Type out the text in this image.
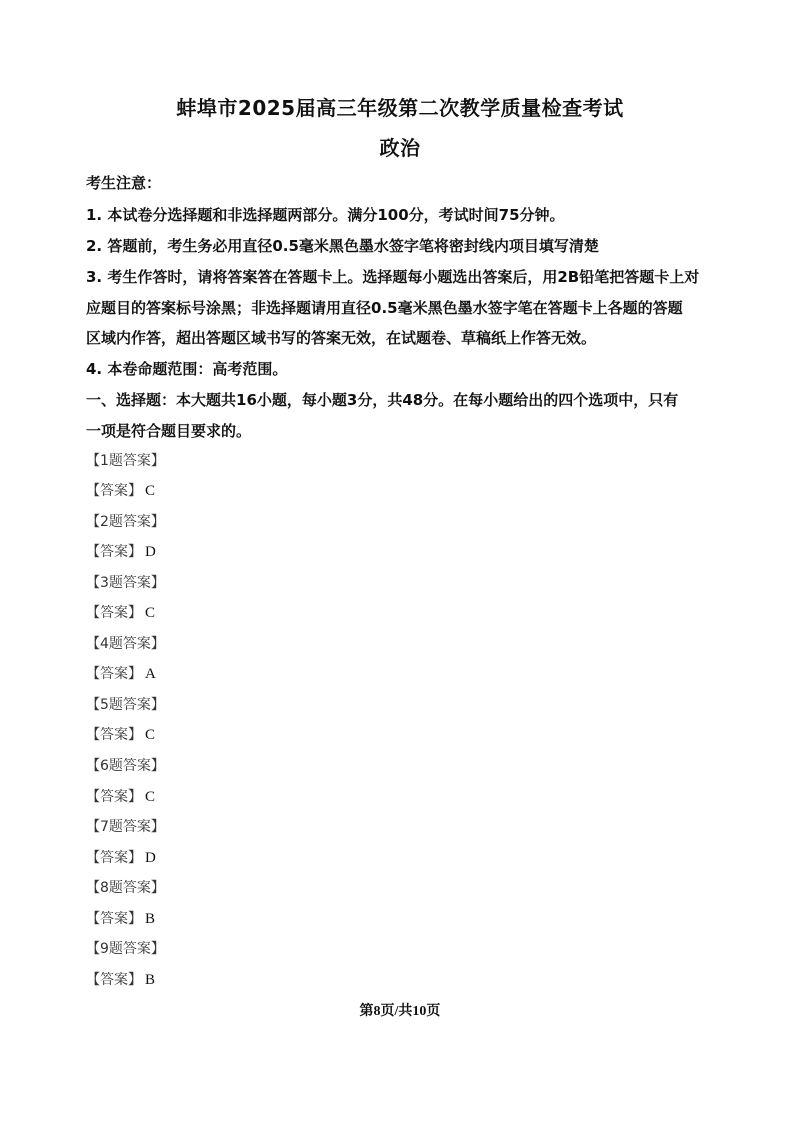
蚌埠市2025届高三年级第二次教学质量检查考试
政治
考生注意：
1. 本试卷分选择题和非选择题两部分。满分100分，考试时间75分钟。
2. 答题前，考生务必用直径0.5毫米黑色墨水签字笔将密封线内项目填写清楚
3. 考生作答时，请将答案答在答题卡上。选择题每小题选出答案后，用2B铅笔把答题卡上对
应题目的答案标号涂黑；非选择题请用直径0.5毫米黑色墨水签字笔在答题卡上各题的答题
区域内作答，超出答题区域书写的答案无效，在试题卷、草稿纸上作答无效。
4. 本卷命题范围：高考范围。
一、选择题：本大题共16小题，每小题3分，共48分。在每小题给出的四个选项中，只有
一项是符合题目要求的。
【1题答案】
【答案】 C
【2题答案】
【答案】 D
【3题答案】
【答案】 C
【4题答案】
【答案】 A
【5题答案】
【答案】 C
【6题答案】
【答案】 C
【7题答案】
【答案】 D
【8题答案】
【答案】 B
【9题答案】
【答案】 B
第8页/共10页
